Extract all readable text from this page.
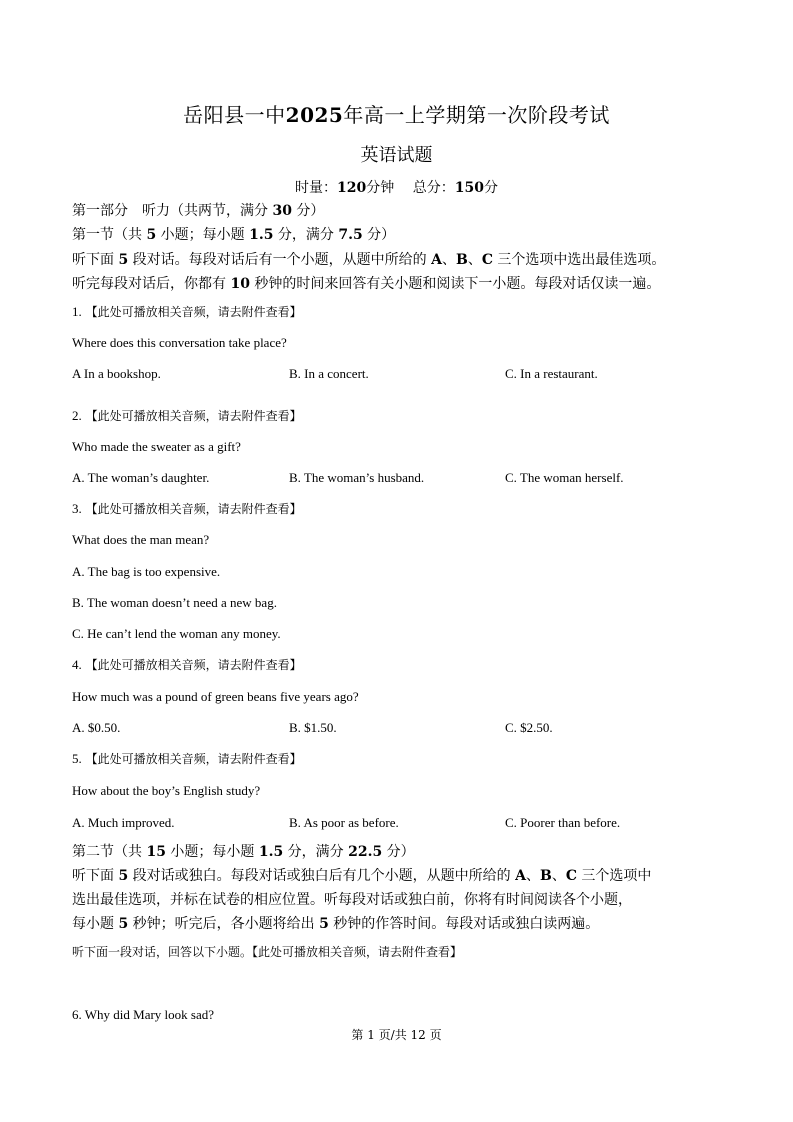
岳阳县一中2025年高一上学期第一次阶段考试
英语试题
时量：120分钟　 总分：150分
第一部分　听力（共两节，满分 30 分）
第一节（共 5 小题；每小题 1.5 分，满分 7.5 分）
听下面 5 段对话。每段对话后有一个小题，从题中所给的 A、B、C 三个选项中选出最佳选项。
听完每段对话后，你都有 10 秒钟的时间来回答有关小题和阅读下一小题。每段对话仅读一遍。
1. 【此处可播放相关音频，请去附件查看】
Where does this conversation take place?
A In a bookshop.	B. In a concert.	C. In a restaurant.
2. 【此处可播放相关音频，请去附件查看】
Who made the sweater as a gift?
A. The woman’s daughter.	B. The woman’s husband.	C. The woman herself.
3. 【此处可播放相关音频，请去附件查看】
What does the man mean?
A. The bag is too expensive.
B. The woman doesn’t need a new bag.
C. He can’t lend the woman any money.
4. 【此处可播放相关音频，请去附件查看】
How much was a pound of green beans five years ago?
A. $0.50.	B. $1.50.	C. $2.50.
5. 【此处可播放相关音频，请去附件查看】
How about the boy’s English study?
A. Much improved.	B. As poor as before.	C. Poorer than before.
第二节（共 15 小题；每小题 1.5 分，满分 22.5 分）
听下面 5 段对话或独白。每段对话或独白后有几个小题，从题中所给的 A、B、C 三个选项中
选出最佳选项，并标在试卷的相应位置。听每段对话或独白前，你将有时间阅读各个小题，
每小题 5 秒钟；听完后，各小题将给出 5 秒钟的作答时间。每段对话或独白读两遍。
听下面一段对话，回答以下小题。【此处可播放相关音频，请去附件查看】
6. Why did Mary look sad?
第 1 页/共 12 页
